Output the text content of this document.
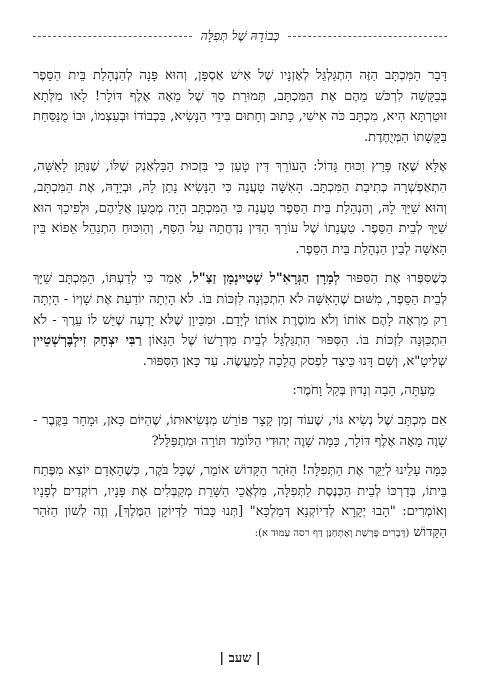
כְּבוֹדָהּ שֶׁל תְּפִלָּה

דָּבָר הַמִּכְתָּב הַזֶּה הִתְגַּלְגֵּל לְאָזְנָיו שֶׁל אִישׁ אַסְפָּן, וְהוּא פָּנָה לְהַנְהָלַת בֵּית הַסֵּפֶר בְּבַקָּשָׁה לִרְכֹּשׁ מֵהֶם אֶת הַמִּכְתָּב, תְּמוּרַת סַךְ שֶׁל מֵאָה אֶלֶף דּוֹלָר! לָאו מִלְּתָא זוּטַרְתָּא הִיא, מִכְתָּב כֹּה אִישִׁי, כָּתוּב וְחָתוּם בִּידֵי הַנָּשִׂיא, בִּכְבוֹדוֹ וּבְעַצְמוֹ, וּבוֹ מֻנַּסַּחַת בַּקָּשָׁתוֹ הַמְּיֻחֶדֶת.

אֶלָּא שֶׁאָז פָּרַץ וִכּוּחַ גָּדוֹל: הָעוֹרֵךְ דִּין טָעַן כִּי בִּזְכוּת הַבַּלְאַנְק שֶׁלּוֹ, שֶׁנִּתַּן לָאִשָּׁה, הִתְאַפְשְׁרָה כְּתִיבַת הַמִּכְתָּב. הָאִשָּׁה טָעֲנָה כִּי הַנָּשִׂיא נָתַן לָהּ, וּבְיָדָהּ, אֶת הַמִּכְתָּב, וְהוּא שַׁיָּךְ לָהּ, וְהַנְהָלַת בֵּית הַסֵּפֶר טָעֲנָה כִּי הַמִּכְתָּב הָיָה מְמֻעָן אֲלֵיהֶם, וּלְפִיכָךְ הוּא שַׁיָּךְ לְבֵית הַסֵּפֶר. טַעֲנָתוֹ שֶׁל עוֹרֵךְ הַדִּין נִדְחֲתָה עַל הַסַּף, וְהַוִּכּוּחַ הִתְנַהֵל אֵפוֹא בֵּין הָאִשָּׁה לְבֵין הַנְהָלַת בֵּית הַסֵּפֶר.

כְּשֶׁסִּפְּרוּ אֶת הַסִּפּוּר לְמָרָן הַגְּרָאִ"ל שְׁטַיינְמָן זַצַ"ל, אָמַר כִּי לְדַעְתּוֹ, הַמִּכְתָּב שַׁיָּךְ לְבֵית הַסֵּפֶר, מִשּׁוּם שֶׁהָאִשָּׁה לֹא הִתְכַּוְּנָה לִזְכּוֹת בּוֹ. לֹא הָיְתָה יוֹדַעַת אֶת שָׁוְיוֹ - הָיְתָה רַק מַרְאָה לָהֶם אוֹתוֹ וְלֹא מוֹסֶרֶת אוֹתוֹ לְיָדָם. וּמִכֵּיוָן שֶׁלֹּא יָדְעָה שֶׁיֵּשׁ לוֹ עֵרֶךְ - לֹא הִתְכַּוְּנָה לִזְכּוֹת בּוֹ. הַסִּפּוּר הִתְגַּלְגֵּל לְבֵית מִדְרָשׁוֹ שֶׁל הַגָּאוֹן רַבִּי יִצְחָק זִילְבֶּרְשְׁטֵיין שְׁלִיטָ"א, וְשָׁם דָּנוּ כֵּיצַד לִפְסֹק הֲלָכָה לְמַעֲשֶׂה. עַד כָּאן הַסִּפּוּר.

מֵעַתָּה, הָבָה וְנָדוּן בְּקַל וָחֹמֶר:

אִם מִכְתָּב שֶׁל נְשִׂיא גּוֹי, שֶׁעוֹד זְמַן קָצָר פּוֹרֵשׁ מִנְּשִׂיאוּתוֹ, שֶׁהַיּוֹם כָּאן, וּמָחָר בַּקֶּבֶר - שָׁוֶה מֵאָה אֶלֶף דּוֹלָר, כַּמָּה שָׁוֶה יְהוּדִי הַלּוֹמֵד תּוֹרָה וּמִתְפַּלֵּל?

כַּמָּה עָלֵינוּ לְיַקֵּר אֶת הַתְּפִלָּה! הַזֹּהַר הַקָּדוֹשׁ אוֹמֵר, שֶׁכָּל בֹּקֶר, כְּשֶׁהָאָדָם יוֹצֵא מִפֶּתַח בֵּיתוֹ, בְּדַרְכּוֹ לְבֵית הַכְּנֶסֶת לַתְּפִלָּה, מַלְאֲכֵי הַשָּׁרֵת מְקַבְּלִים אֶת פָּנָיו, רוֹקְדִים לְפָנָיו וְאוֹמְרִים: "הָבוּ יְקָרָא לְדִיוֹקְנָא דְּמַלְכָּא" [תְּנוּ כָּבוֹד לַדְּיוֹקָן הַמֶּלֶךְ], וְזֶה לְשׁוֹן הַזֹּהַר הַקָּדוֹשׁ (דְּבָרִים פָּרָשַׁת וָאֶתְחַנַּן דַּף רסה עַמּוּד א):

| שעב |
